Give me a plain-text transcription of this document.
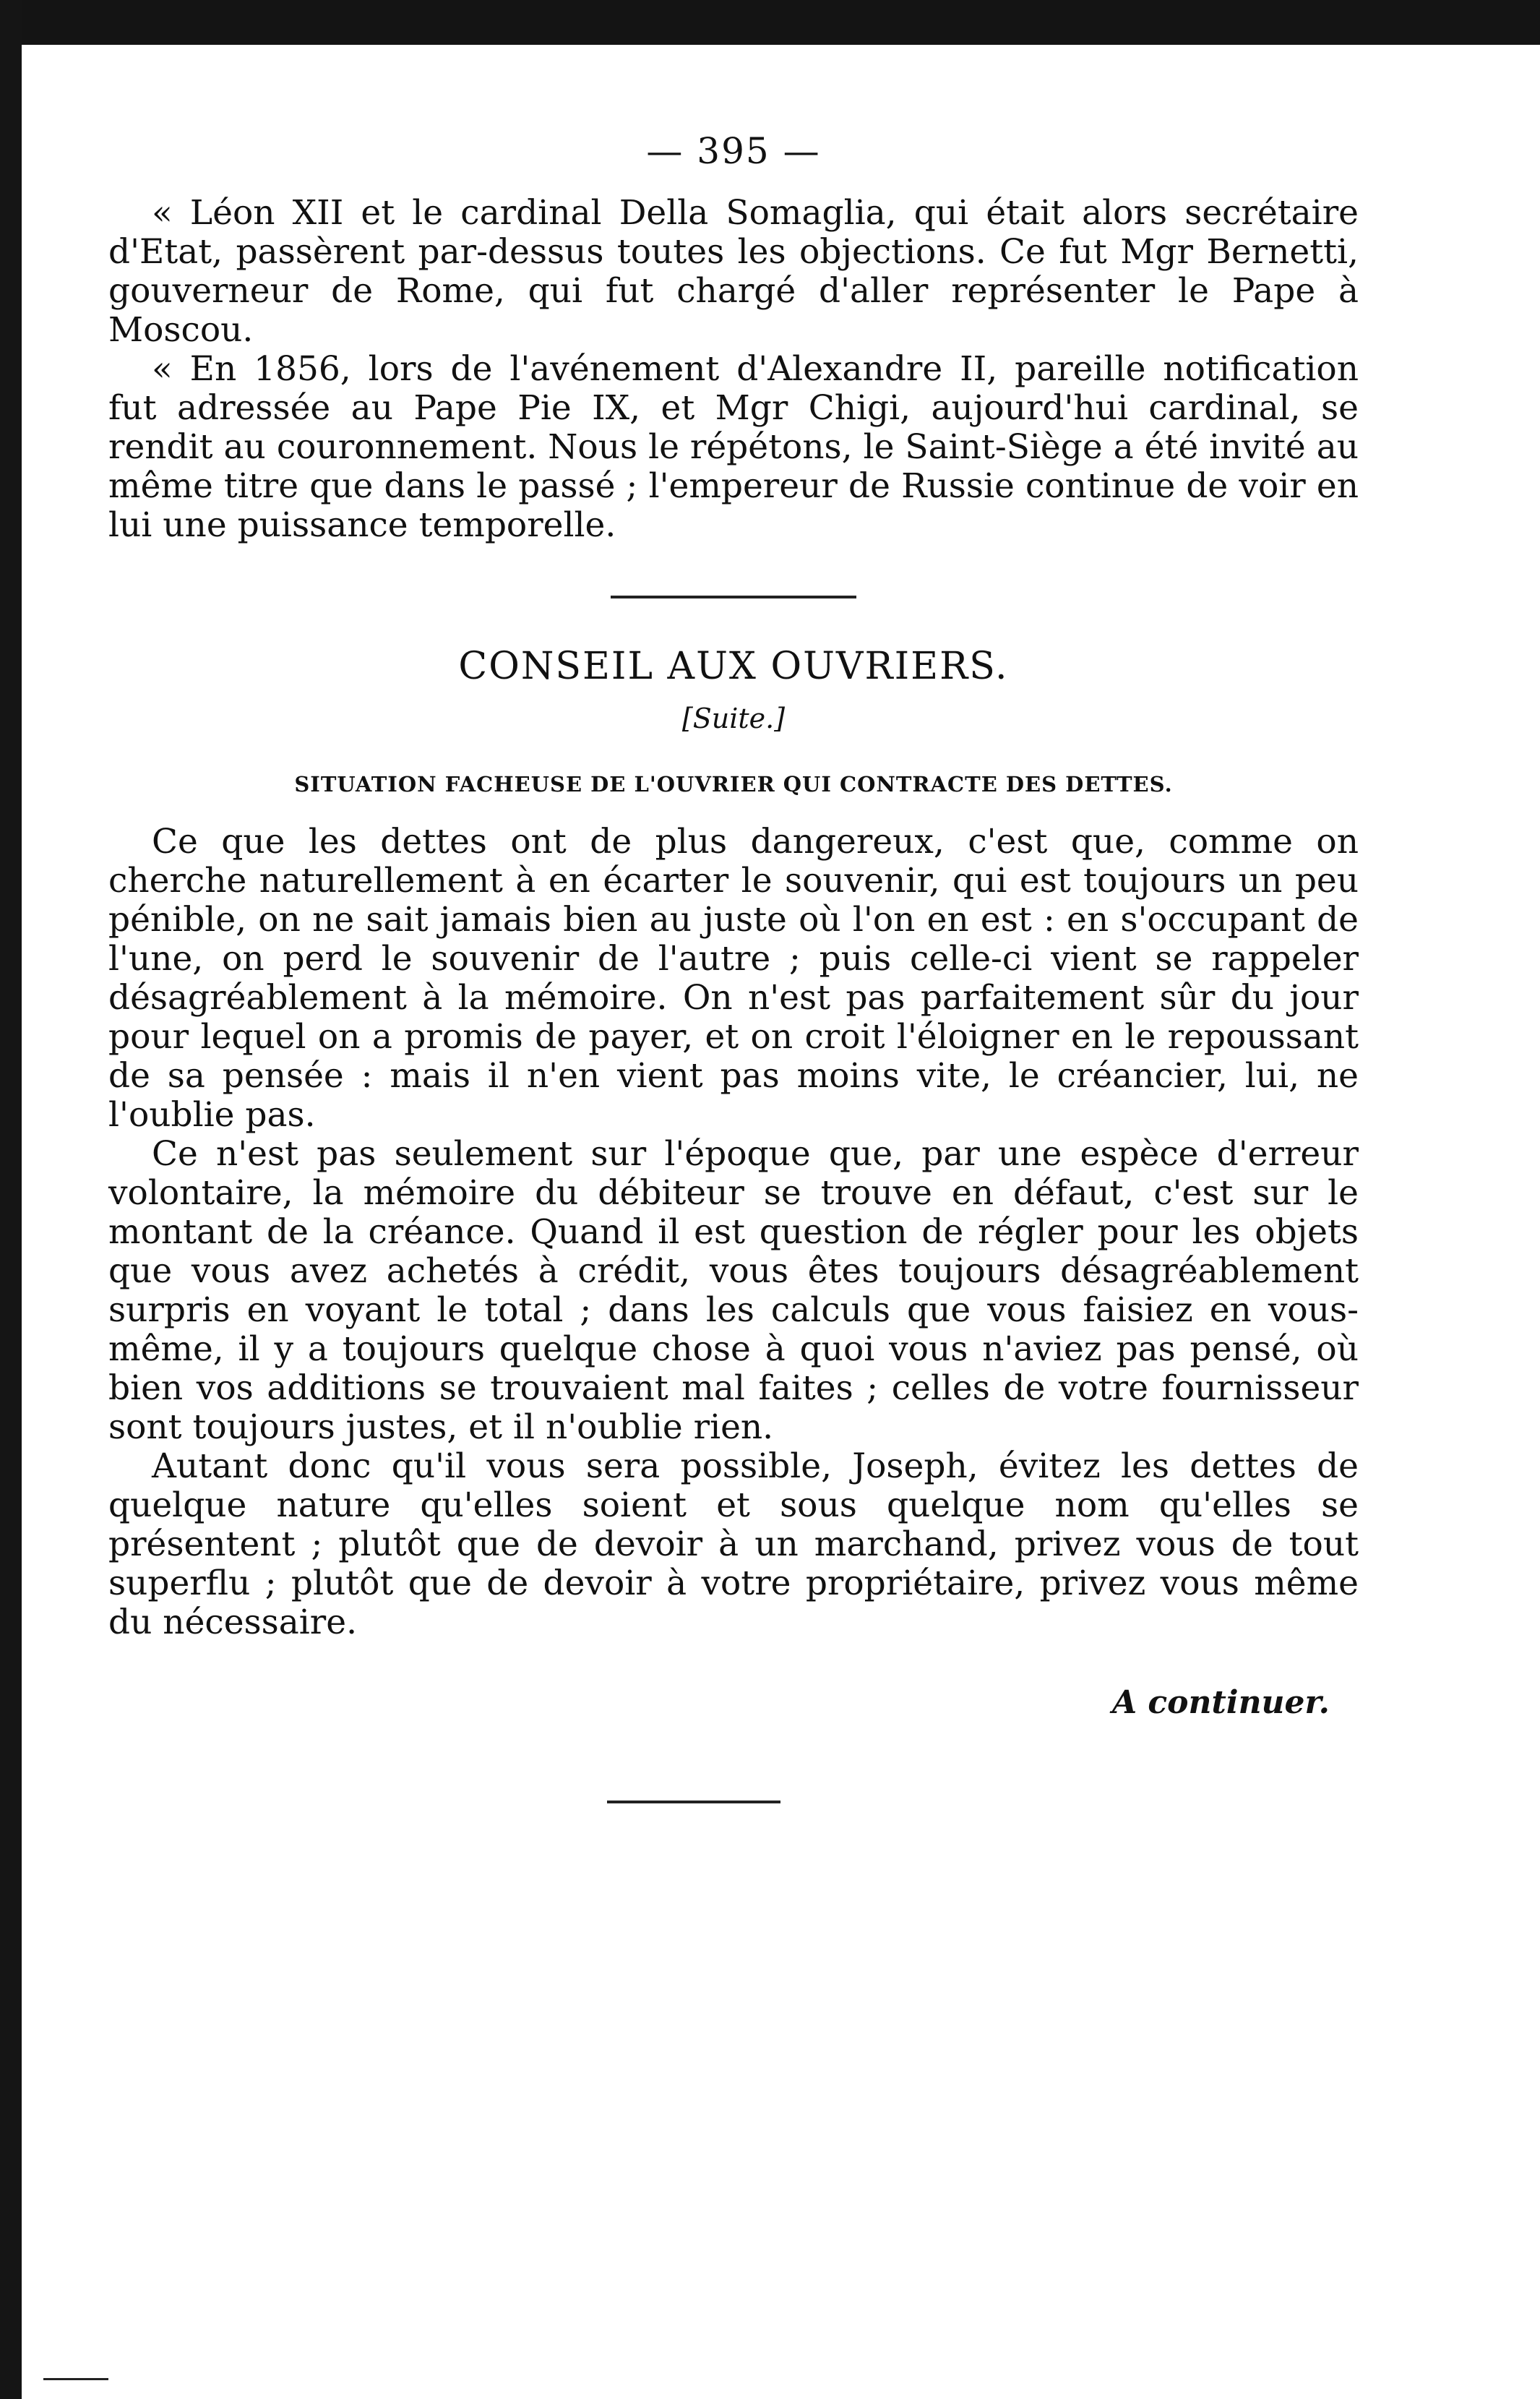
— 395 —

« Léon XII et le cardinal Della Somaglia, qui était alors secrétaire d'Etat, passèrent par-dessus toutes les objections. Ce fut Mgr Bernetti, gouverneur de Rome, qui fut chargé d'aller représenter le Pape à Moscou.

« En 1856, lors de l'avénement d'Alexandre II, pareille notification fut adressée au Pape Pie IX, et Mgr Chigi, aujourd'hui cardinal, se rendit au couronnement. Nous le répétons, le Saint-Siège a été invité au même titre que dans le passé ; l'empereur de Russie continue de voir en lui une puissance temporelle.

CONSEIL AUX OUVRIERS.
[Suite.]
SITUATION FACHEUSE DE L'OUVRIER QUI CONTRACTE DES DETTES.

Ce que les dettes ont de plus dangereux, c'est que, comme on cherche naturellement à en écarter le souvenir, qui est toujours un peu pénible, on ne sait jamais bien au juste où l'on en est : en s'occupant de l'une, on perd le souvenir de l'autre ; puis celle-ci vient se rappeler désagréablement à la mémoire. On n'est pas parfaitement sûr du jour pour lequel on a promis de payer, et on croit l'éloigner en le repoussant de sa pensée : mais il n'en vient pas moins vite, le créancier, lui, ne l'oublie pas.

Ce n'est pas seulement sur l'époque que, par une espèce d'erreur volontaire, la mémoire du débiteur se trouve en défaut, c'est sur le montant de la créance. Quand il est question de régler pour les objets que vous avez achetés à crédit, vous êtes toujours désagréablement surpris en voyant le total ; dans les calculs que vous faisiez en vous-même, il y a toujours quelque chose à quoi vous n'aviez pas pensé, où bien vos additions se trouvaient mal faites ; celles de votre fournisseur sont toujours justes, et il n'oublie rien.

Autant donc qu'il vous sera possible, Joseph, évitez les dettes de quelque nature qu'elles soient et sous quelque nom qu'elles se présentent ; plutôt que de devoir à un marchand, privez vous de tout superflu ; plutôt que de devoir à votre propriétaire, privez vous même du nécessaire.

A continuer.
